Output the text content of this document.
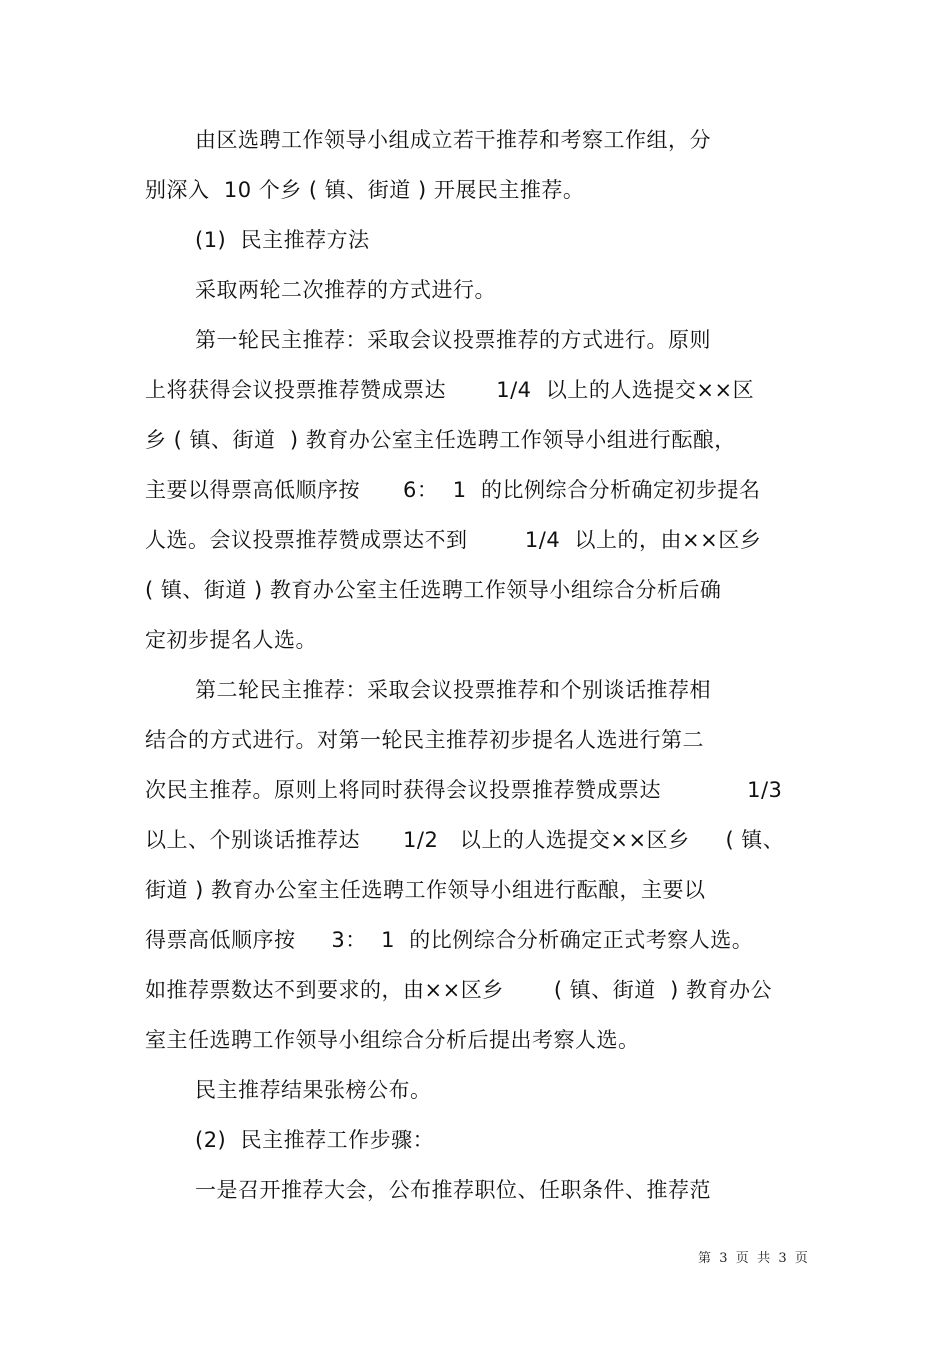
由区选聘工作领导小组成立若干推荐和考察工作组，分
别深入  10 个乡 ( 镇、街道 ) 开展民主推荐。
(1)  民主推荐方法
采取两轮二次推荐的方式进行。
第一轮民主推荐：采取会议投票推荐的方式进行。原则
上将获得会议投票推荐赞成票达       1/4  以上的人选提交××区
乡 ( 镇、街道  ) 教育办公室主任选聘工作领导小组进行酝酿，
主要以得票高低顺序按      6：  1  的比例综合分析确定初步提名
人选。会议投票推荐赞成票达不到        1/4  以上的，由××区乡
( 镇、街道 ) 教育办公室主任选聘工作领导小组综合分析后确
定初步提名人选。
第二轮民主推荐：采取会议投票推荐和个别谈话推荐相
结合的方式进行。对第一轮民主推荐初步提名人选进行第二
次民主推荐。原则上将同时获得会议投票推荐赞成票达            1/3
以上、个别谈话推荐达      1/2   以上的人选提交××区乡     ( 镇、
街道 ) 教育办公室主任选聘工作领导小组进行酝酿，主要以
得票高低顺序按     3：  1  的比例综合分析确定正式考察人选。
如推荐票数达不到要求的，由××区乡       ( 镇、街道  ) 教育办公
室主任选聘工作领导小组综合分析后提出考察人选。
民主推荐结果张榜公布。
(2)  民主推荐工作步骤：
一是召开推荐大会，公布推荐职位、任职条件、推荐范
第  3  页  共  3  页
